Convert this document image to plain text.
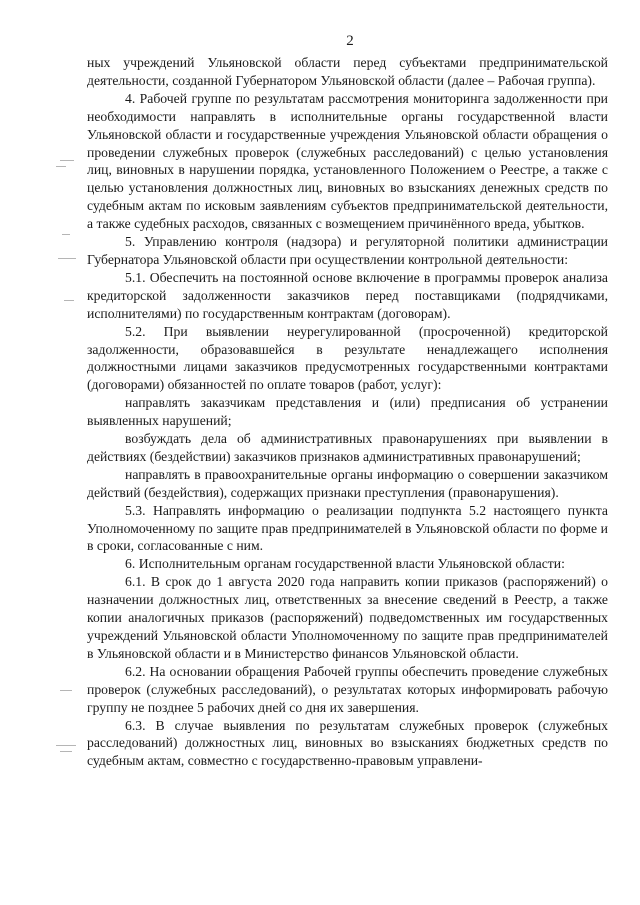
2

ных учреждений Ульяновской области перед субъектами предпринимательской деятельности, созданной Губернатором Ульяновской области (далее – Рабочая группа).

4. Рабочей группе по результатам рассмотрения мониторинга задолженности при необходимости направлять в исполнительные органы государственной власти Ульяновской области и государственные учреждения Ульяновской области обращения о проведении служебных проверок (служебных расследований) с целью установления лиц, виновных в нарушении порядка, установленного Положением о Реестре, а также с целью установления должностных лиц, виновных во взысканиях денежных средств по судебным актам по исковым заявлениям субъектов предпринимательской деятельности, а также судебных расходов, связанных с возмещением причинённого вреда, убытков.

5. Управлению контроля (надзора) и регуляторной политики администрации Губернатора Ульяновской области при осуществлении контрольной деятельности:

5.1. Обеспечить на постоянной основе включение в программы проверок анализа кредиторской задолженности заказчиков перед поставщиками (подрядчиками, исполнителями) по государственным контрактам (договорам).

5.2. При выявлении неурегулированной (просроченной) кредиторской задолженности, образовавшейся в результате ненадлежащего исполнения должностными лицами заказчиков предусмотренных государственными контрактами (договорами) обязанностей по оплате товаров (работ, услуг):

направлять заказчикам представления и (или) предписания об устранении выявленных нарушений;

возбуждать дела об административных правонарушениях при выявлении в действиях (бездействии) заказчиков признаков административных правонарушений;

направлять в правоохранительные органы информацию о совершении заказчиком действий (бездействия), содержащих признаки преступления (правонарушения).

5.3. Направлять информацию о реализации подпункта 5.2 настоящего пункта Уполномоченному по защите прав предпринимателей в Ульяновской области по форме и в сроки, согласованные с ним.

6. Исполнительным органам государственной власти Ульяновской области:

6.1. В срок до 1 августа 2020 года направить копии приказов (распоряжений) о назначении должностных лиц, ответственных за внесение сведений в Реестр, а также копии аналогичных приказов (распоряжений) подведомственных им государственных учреждений Ульяновской области Уполномоченному по защите прав предпринимателей в Ульяновской области и в Министерство финансов Ульяновской области.

6.2. На основании обращения Рабочей группы обеспечить проведение служебных проверок (служебных расследований), о результатах которых информировать рабочую группу не позднее 5 рабочих дней со дня их завершения.

6.3. В случае выявления по результатам служебных проверок (служебных расследований) должностных лиц, виновных во взысканиях бюджетных средств по судебным актам, совместно с государственно-правовым управлени-
